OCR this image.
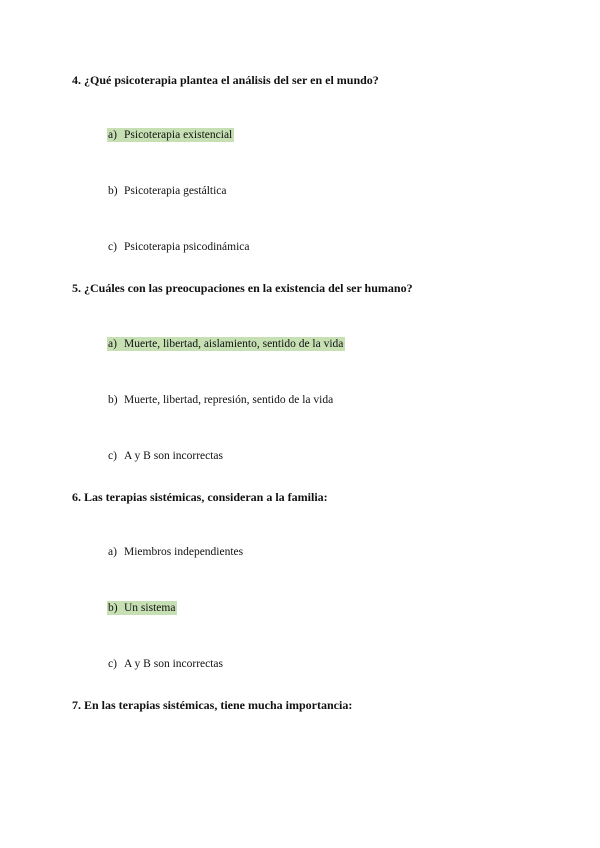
4. ¿Qué psicoterapia plantea el análisis del ser en el mundo?
a) Psicoterapia existencial
b) Psicoterapia gestáltica
c) Psicoterapia psicodinámica
5. ¿Cuáles con las preocupaciones en la existencia del ser humano?
a) Muerte, libertad, aislamiento, sentido de la vida
b) Muerte, libertad, represión, sentido de la vida
c) A y B son incorrectas
6. Las terapias sistémicas, consideran a la familia:
a) Miembros independientes
b) Un sistema
c) A y B son incorrectas
7. En las terapias sistémicas, tiene mucha importancia:
